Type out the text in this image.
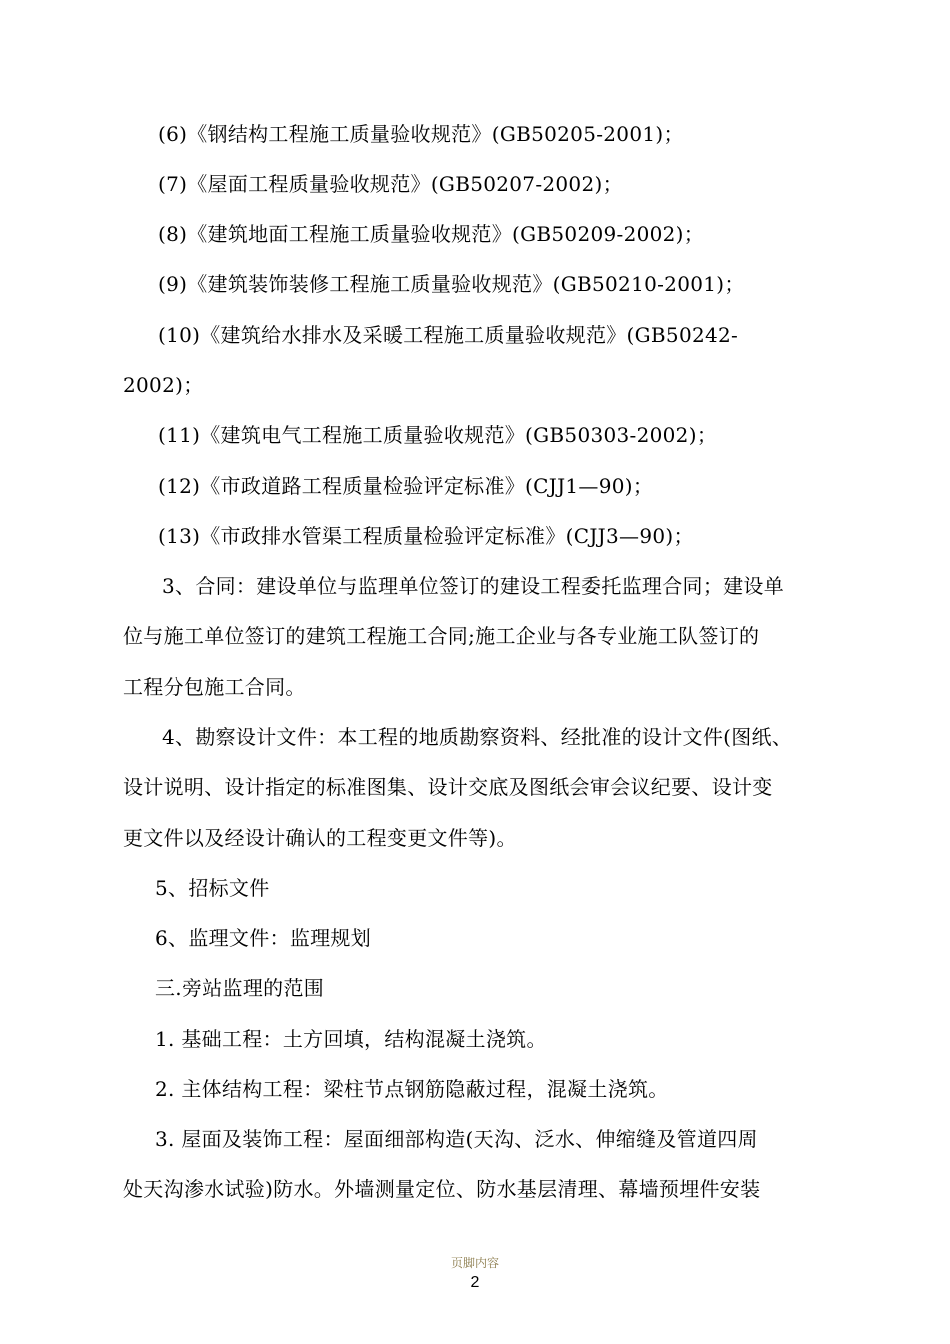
(6)《钢结构工程施工质量验收规范》(GB50205-2001)；
(7)《屋面工程质量验收规范》(GB50207-2002)；
(8)《建筑地面工程施工质量验收规范》(GB50209-2002)；
(9)《建筑装饰装修工程施工质量验收规范》(GB50210-2001)；
(10)《建筑给水排水及采暖工程施工质量验收规范》(GB50242-
2002)；
(11)《建筑电气工程施工质量验收规范》(GB50303-2002)；
(12)《市政道路工程质量检验评定标准》(CJJ1—90)；
(13)《市政排水管渠工程质量检验评定标准》(CJJ3—90)；
3、合同：建设单位与监理单位签订的建设工程委托监理合同；建设单
位与施工单位签订的建筑工程施工合同;施工企业与各专业施工队签订的
工程分包施工合同。
4、勘察设计文件：本工程的地质勘察资料、经批准的设计文件(图纸、
设计说明、设计指定的标准图集、设计交底及图纸会审会议纪要、设计变
更文件以及经设计确认的工程变更文件等)。
5、招标文件
6、监理文件：监理规划
三.旁站监理的范围
1. 基础工程：土方回填，结构混凝土浇筑。
2. 主体结构工程：梁柱节点钢筋隐蔽过程，混凝土浇筑。
3. 屋面及装饰工程：屋面细部构造(天沟、泛水、伸缩缝及管道四周
处天沟渗水试验)防水。外墙测量定位、防水基层清理、幕墙预埋件安装
页脚内容
2
